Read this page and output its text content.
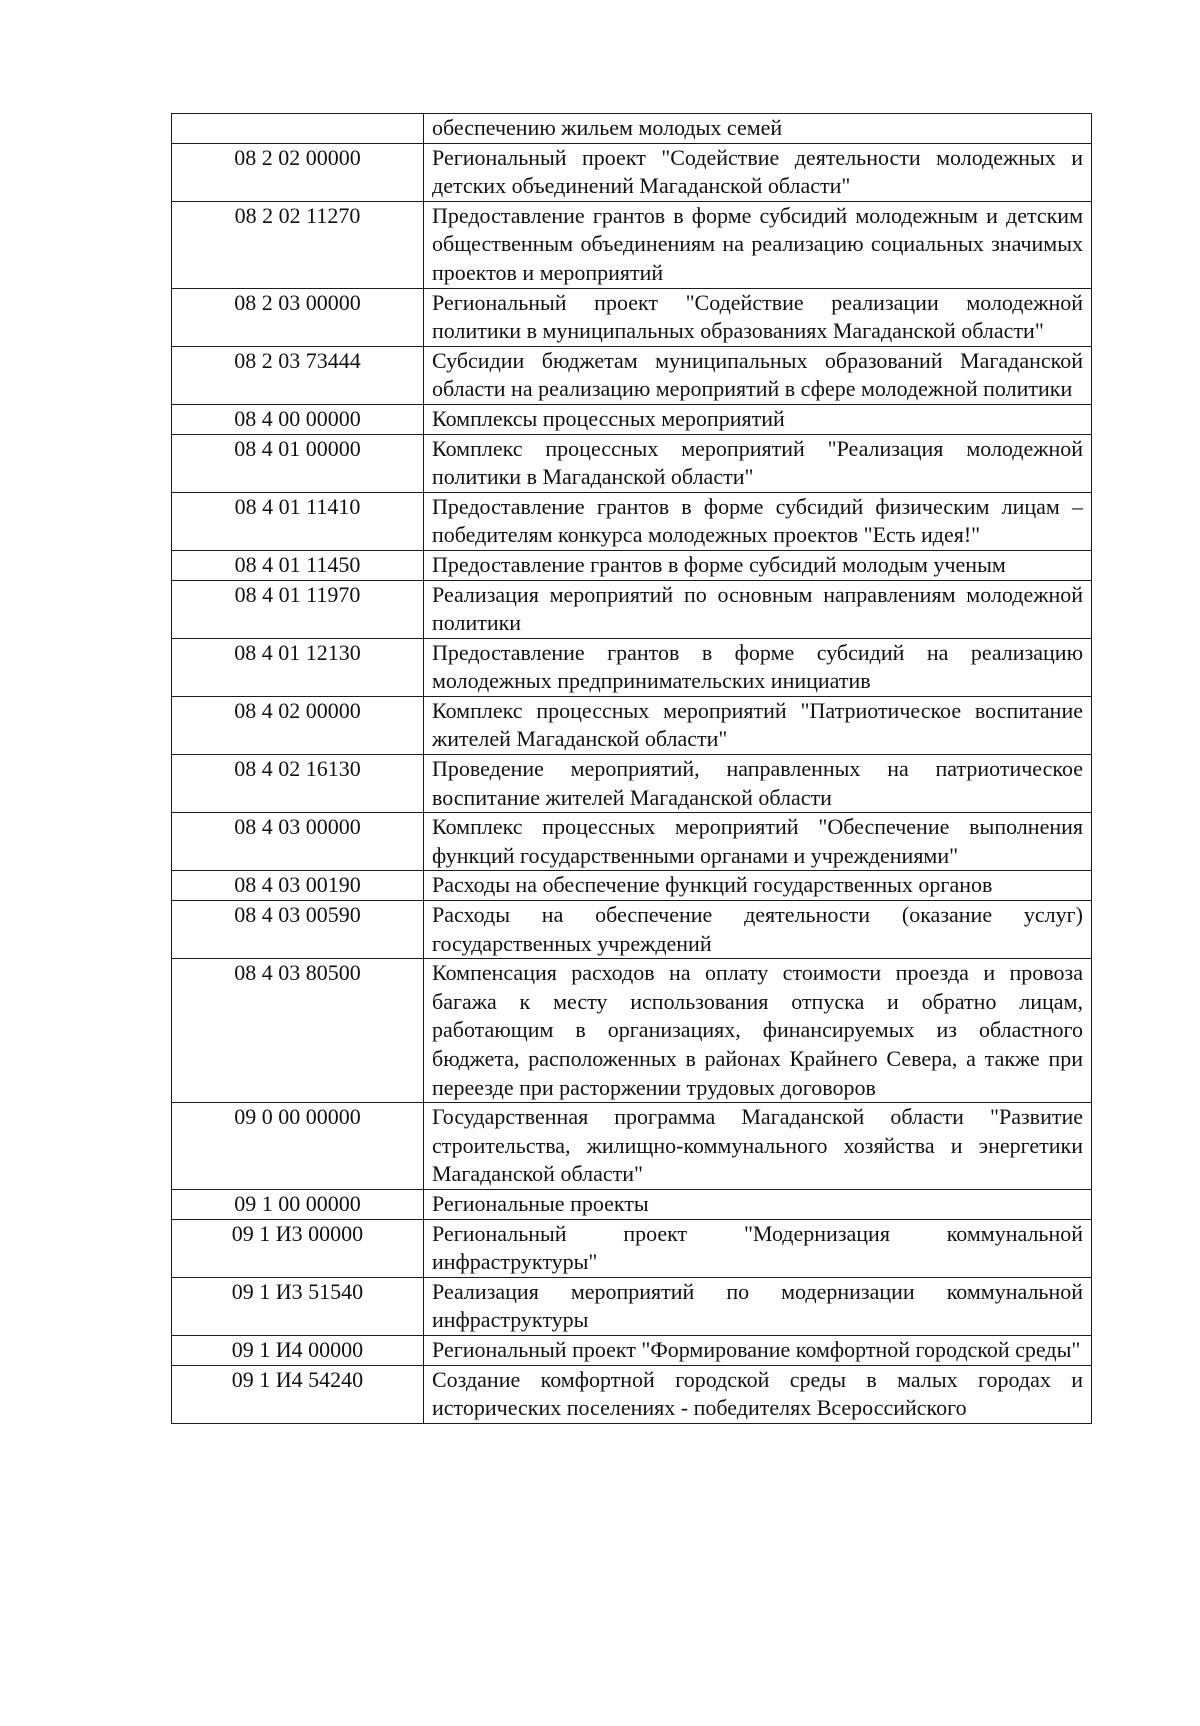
	обеспечению жильем молодых семей
08 2 02 00000	Региональный проект "Содействие деятельности молодежных и детских объединений Магаданской области"
08 2 02 11270	Предоставление грантов в форме субсидий молодежным и детским общественным объединениям на реализацию социальных значимых проектов и мероприятий
08 2 03 00000	Региональный проект "Содействие реализации молодежной политики в муниципальных образованиях Магаданской области"
08 2 03 73444	Субсидии бюджетам муниципальных образований Магаданской области на реализацию мероприятий в сфере молодежной политики
08 4 00 00000	Комплексы процессных мероприятий
08 4 01 00000	Комплекс процессных мероприятий "Реализация молодежной политики в Магаданской области"
08 4 01 11410	Предоставление грантов в форме субсидий физическим лицам – победителям конкурса молодежных проектов "Есть идея!"
08 4 01 11450	Предоставление грантов в форме субсидий молодым ученым
08 4 01 11970	Реализация мероприятий по основным направлениям молодежной политики
08 4 01 12130	Предоставление грантов в форме субсидий на реализацию молодежных предпринимательских инициатив
08 4 02 00000	Комплекс процессных мероприятий "Патриотическое воспитание жителей Магаданской области"
08 4 02 16130	Проведение мероприятий, направленных на патриотическое воспитание жителей Магаданской области
08 4 03 00000	Комплекс процессных мероприятий "Обеспечение выполнения функций государственными органами и учреждениями"
08 4 03 00190	Расходы на обеспечение функций государственных органов
08 4 03 00590	Расходы на обеспечение деятельности (оказание услуг) государственных учреждений
08 4 03 80500	Компенсация расходов на оплату стоимости проезда и провоза багажа к месту использования отпуска и обратно лицам, работающим в организациях, финансируемых из областного бюджета, расположенных в районах Крайнего Севера, а также при переезде при расторжении трудовых договоров
09 0 00 00000	Государственная программа Магаданской области "Развитие строительства, жилищно-коммунального хозяйства и энергетики Магаданской области"
09 1 00 00000	Региональные проекты
09 1 И3 00000	Региональный проект "Модернизация коммунальной инфраструктуры"
09 1 И3 51540	Реализация мероприятий по модернизации коммунальной инфраструктуры
09 1 И4 00000	Региональный проект "Формирование комфортной городской среды"
09 1 И4 54240	Создание комфортной городской среды в малых городах и исторических поселениях - победителях Всероссийского
